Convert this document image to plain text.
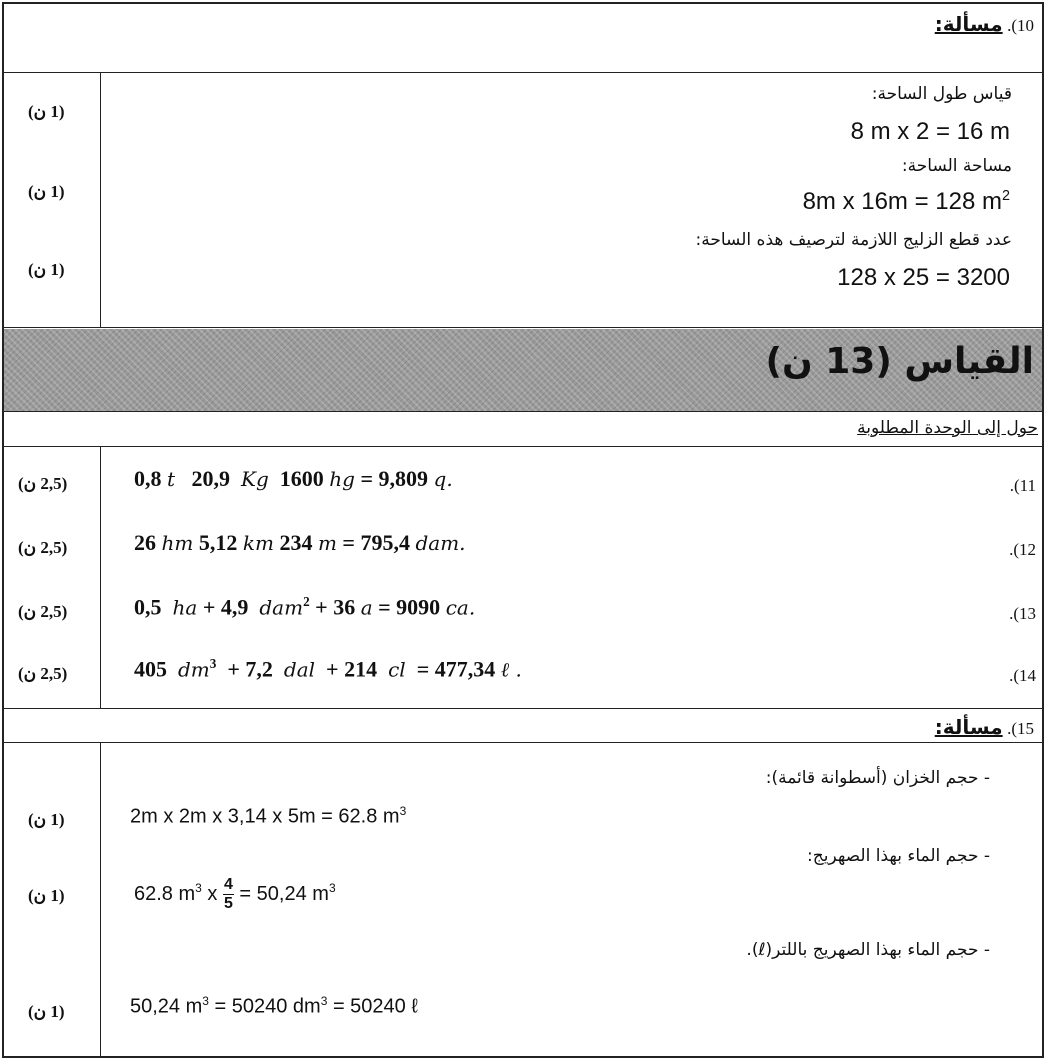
10). مسألة:
قياس طول الساحة:
8 m x 2 = 16 m
(1 ن)
مساحة الساحة:
8m x 16m = 128 $m^2$
(1 ن)
عدد قطع الزليج اللازمة لترصيف هذه الساحة:
128 x 25 = 3200
(1 ن)
القياس (13 ن)
حول إلى الوحدة المطلوبة
(2,5 ن)	0,8 t 20,9 Kg 1600 hg = 9,809 q.	.(11
(2,5 ن)	26 hm 5,12 km 234 m = 795,4 dam.	.(12
(2,5 ن)	0,5 ha + 4,9 dam$^2$ + 36 a = 9090 ca.	.(13
(2,5 ن)	405 $dm^3 + 7,2$ dal + 214 cl = 477,34 ℓ .	.(14
15). مسألة:
- حجم الخزان (أسطوانة قائمة):
2m x 2m x 3,14 x 5m = 62.8 $m^3$
(1 ن)
- حجم الماء بهذا الصهريج:
62.8 $m^3$ x $\frac{4}{5} = 50,24$ $m^3$
(1 ن)
- حجم الماء بهذا الصهريج باللتر(ℓ).
50,24 $m^3 = 50240$ $dm^3 = 50240$ ℓ
(1 ن)
